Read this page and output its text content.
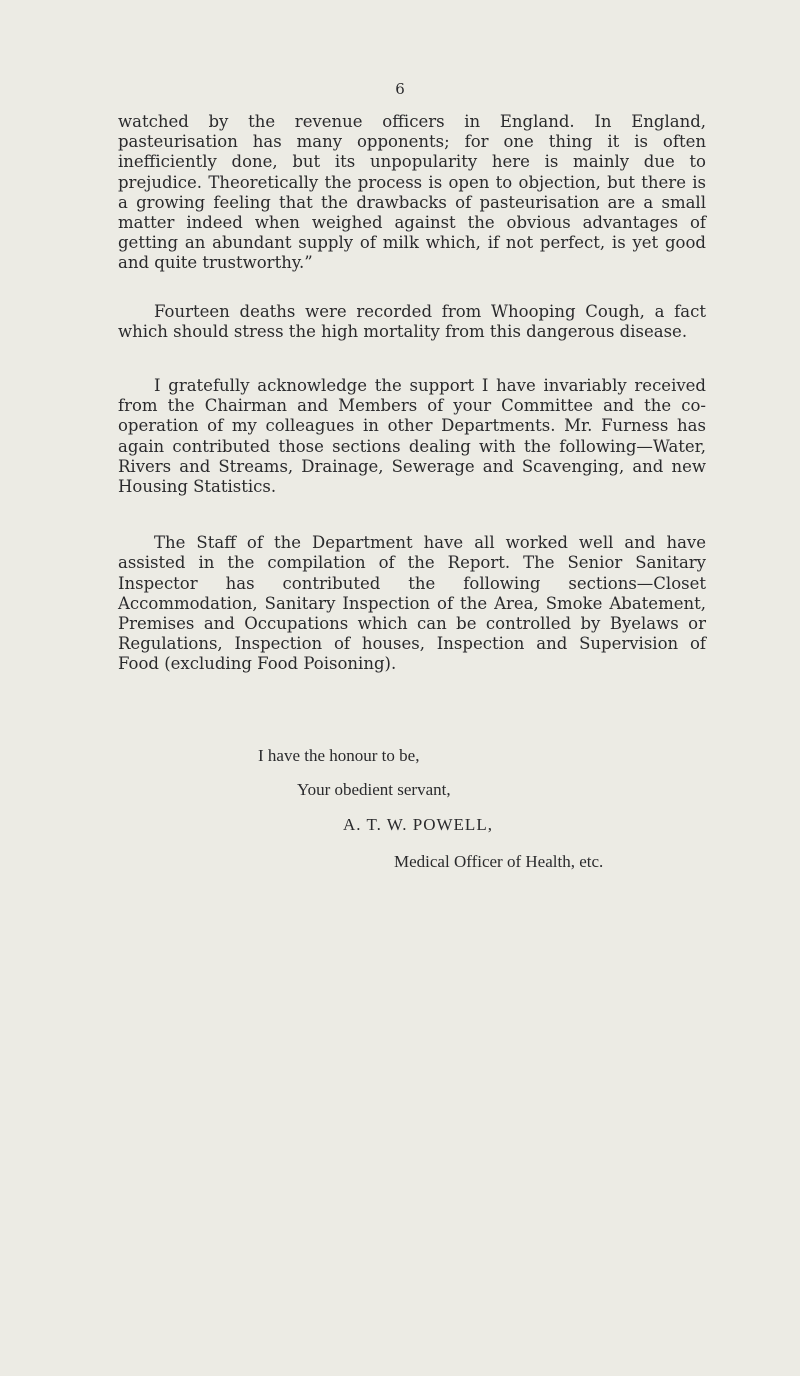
6

watched by the revenue officers in England. In England, pasteurisation has many opponents; for one thing it is often inefficiently done, but its unpopularity here is mainly due to prejudice. Theoretically the process is open to objection, but there is a growing feeling that the drawbacks of pasteurisation are a small matter indeed when weighed against the obvious advantages of getting an abundant supply of milk which, if not perfect, is yet good and quite trustworthy.”

Fourteen deaths were recorded from Whooping Cough, a fact which should stress the high mortality from this dangerous disease.

I gratefully acknowledge the support I have invariably received from the Chairman and Members of your Committee and the co-operation of my colleagues in other Departments. Mr. Furness has again contributed those sections dealing with the following—Water, Rivers and Streams, Drainage, Sewerage and Scavenging, and new Housing Statistics.

The Staff of the Department have all worked well and have assisted in the compilation of the Report. The Senior Sanitary Inspector has contributed the following sections—Closet Accommodation, Sanitary Inspection of the Area, Smoke Abatement, Premises and Occupations which can be controlled by Byelaws or Regulations, Inspection of houses, Inspection and Supervision of Food (excluding Food Poisoning).

I have the honour to be,
Your obedient servant,
A. T. W. POWELL,
Medical Officer of Health, etc.
